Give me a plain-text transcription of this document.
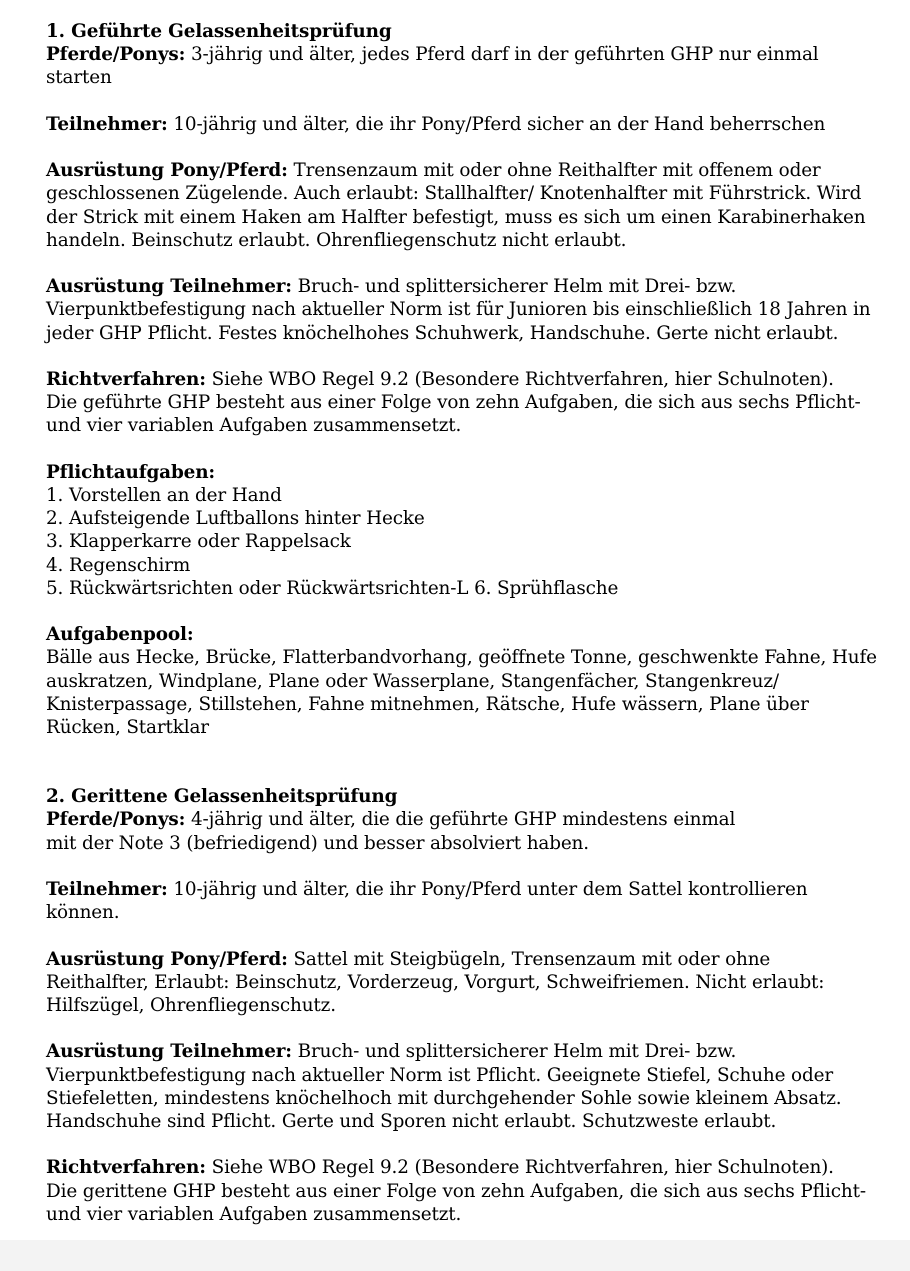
1. Geführte Gelassenheitsprüfung
Pferde/Ponys: 3-jährig und älter, jedes Pferd darf in der geführten GHP nur einmal
starten
Teilnehmer: 10-jährig und älter, die ihr Pony/Pferd sicher an der Hand beherrschen
Ausrüstung Pony/Pferd: Trensenzaum mit oder ohne Reithalfter mit offenem oder
geschlossenen Zügelende. Auch erlaubt: Stallhalfter/ Knotenhalfter mit Führstrick. Wird
der Strick mit einem Haken am Halfter befestigt, muss es sich um einen Karabinerhaken
handeln. Beinschutz erlaubt. Ohrenfliegenschutz nicht erlaubt.
Ausrüstung Teilnehmer: Bruch- und splittersicherer Helm mit Drei- bzw.
Vierpunktbefestigung nach aktueller Norm ist für Junioren bis einschließlich 18 Jahren in
jeder GHP Pflicht. Festes knöchelhohes Schuhwerk, Handschuhe. Gerte nicht erlaubt.
Richtverfahren: Siehe WBO Regel 9.2 (Besondere Richtverfahren, hier Schulnoten).
Die geführte GHP besteht aus einer Folge von zehn Aufgaben, die sich aus sechs Pflicht-
und vier variablen Aufgaben zusammensetzt.
Pflichtaufgaben:
1. Vorstellen an der Hand
2. Aufsteigende Luftballons hinter Hecke
3. Klapperkarre oder Rappelsack
4. Regenschirm
5. Rückwärtsrichten oder Rückwärtsrichten-L 6. Sprühflasche
Aufgabenpool:
Bälle aus Hecke, Brücke, Flatterbandvorhang, geöffnete Tonne, geschwenkte Fahne, Hufe
auskratzen, Windplane, Plane oder Wasserplane, Stangenfächer, Stangenkreuz/
Knisterpassage, Stillstehen, Fahne mitnehmen, Rätsche, Hufe wässern, Plane über
Rücken, Startklar
2. Gerittene Gelassenheitsprüfung
Pferde/Ponys: 4-jährig und älter, die die geführte GHP mindestens einmal
mit der Note 3 (befriedigend) und besser absolviert haben.
Teilnehmer: 10-jährig und älter, die ihr Pony/Pferd unter dem Sattel kontrollieren
können.
Ausrüstung Pony/Pferd: Sattel mit Steigbügeln, Trensenzaum mit oder ohne
Reithalfter, Erlaubt: Beinschutz, Vorderzeug, Vorgurt, Schweifriemen. Nicht erlaubt:
Hilfszügel, Ohrenfliegenschutz.
Ausrüstung Teilnehmer: Bruch- und splittersicherer Helm mit Drei- bzw.
Vierpunktbefestigung nach aktueller Norm ist Pflicht. Geeignete Stiefel, Schuhe oder
Stiefeletten, mindestens knöchelhoch mit durchgehender Sohle sowie kleinem Absatz.
Handschuhe sind Pflicht. Gerte und Sporen nicht erlaubt. Schutzweste erlaubt.
Richtverfahren: Siehe WBO Regel 9.2 (Besondere Richtverfahren, hier Schulnoten).
Die gerittene GHP besteht aus einer Folge von zehn Aufgaben, die sich aus sechs Pflicht-
und vier variablen Aufgaben zusammensetzt.
